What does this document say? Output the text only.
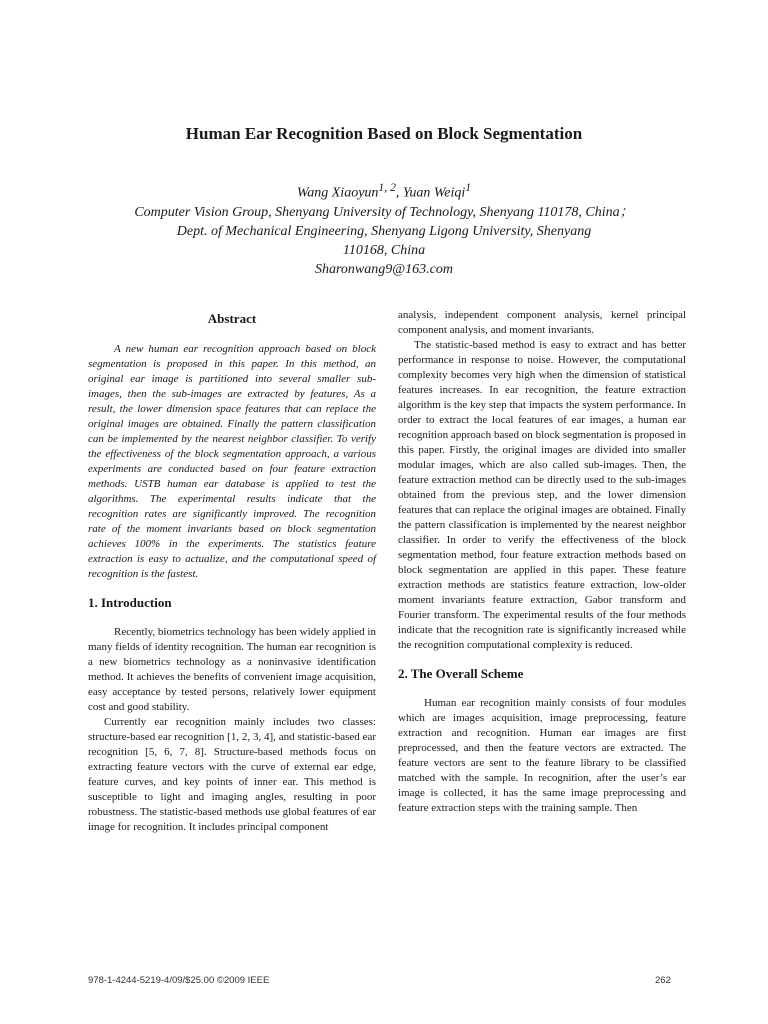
Human Ear Recognition Based on Block Segmentation

Wang Xiaoyun$^{1, 2}$, Yuan Weiqi$^1$

Computer Vision Group, Shenyang University of Technology, Shenyang 110178, China；

Dept. of Mechanical Engineering, Shenyang Ligong University, Shenyang

110168, China

Sharonwang9@163.com

Abstract

A new human ear recognition approach based on block segmentation is proposed in this paper. In this method, an original ear image is partitioned into several smaller sub-images, then the sub-images are extracted by features, As a result, the lower dimension space features that can replace the original images are obtained. Finally the pattern classification can be implemented by the nearest neighbor classifier. To verify the effectiveness of the block segmentation approach, a various experiments are conducted based on four feature extraction methods. USTB human ear database is applied to test the algorithms. The experimental results indicate that the recognition rates are significantly improved. The recognition rate of the moment invariants based on block segmentation achieves 100% in the experiments. The statistics feature extraction is easy to actualize, and the computational speed of recognition is the fastest.

1. Introduction

Recently, biometrics technology has been widely applied in many fields of identity recognition. The human ear recognition is a new biometrics technology as a noninvasive identification method. It achieves the benefits of convenient image acquisition, easy acceptance by tested persons, relatively lower equipment cost and good stability.

Currently ear recognition mainly includes two classes: structure-based ear recognition [1, 2, 3, 4], and statistic-based ear recognition [5, 6, 7, 8]. Structure-based methods focus on extracting feature vectors with the curve of external ear edge, feature curves, and key points of inner ear. This method is susceptible to light and imaging angles, resulting in poor robustness. The statistic-based methods use global features of ear image for recognition. It includes principal component

analysis, independent component analysis, kernel principal component analysis, and moment invariants.

The statistic-based method is easy to extract and has better performance in response to noise. However, the computational complexity becomes very high when the dimension of statistical features increases. In ear recognition, the feature extraction algorithm is the key step that impacts the system performance. In order to extract the local features of ear images, a human ear recognition approach based on block segmentation is proposed in this paper. Firstly, the original images are divided into smaller modular images, which are also called sub-images. Then, the feature extraction method can be directly used to the sub-images obtained from the previous step, and the lower dimension features that can replace the original images are obtained. Finally the pattern classification is implemented by the nearest neighbor classifier. In order to verify the effectiveness of the block segmentation method, four feature extraction methods based on block segmentation are applied in this paper. These feature extraction methods are statistics feature extraction, low-older moment invariants feature extraction, Gabor transform and Fourier transform. The experimental results of the four methods indicate that the recognition rate is significantly increased while the recognition computational complexity is reduced.

2. The Overall Scheme

Human ear recognition mainly consists of four modules which are images acquisition, image preprocessing, feature extraction and recognition. Human ear images are first preprocessed, and then the feature vectors are extracted. The feature vectors are sent to the feature library to be classified matched with the sample. In recognition, after the user’s ear image is collected, it has the same image preprocessing and feature extraction steps with the training sample. Then

978-1-4244-5219-4/09/$25.00 ©2009 IEEE	262
